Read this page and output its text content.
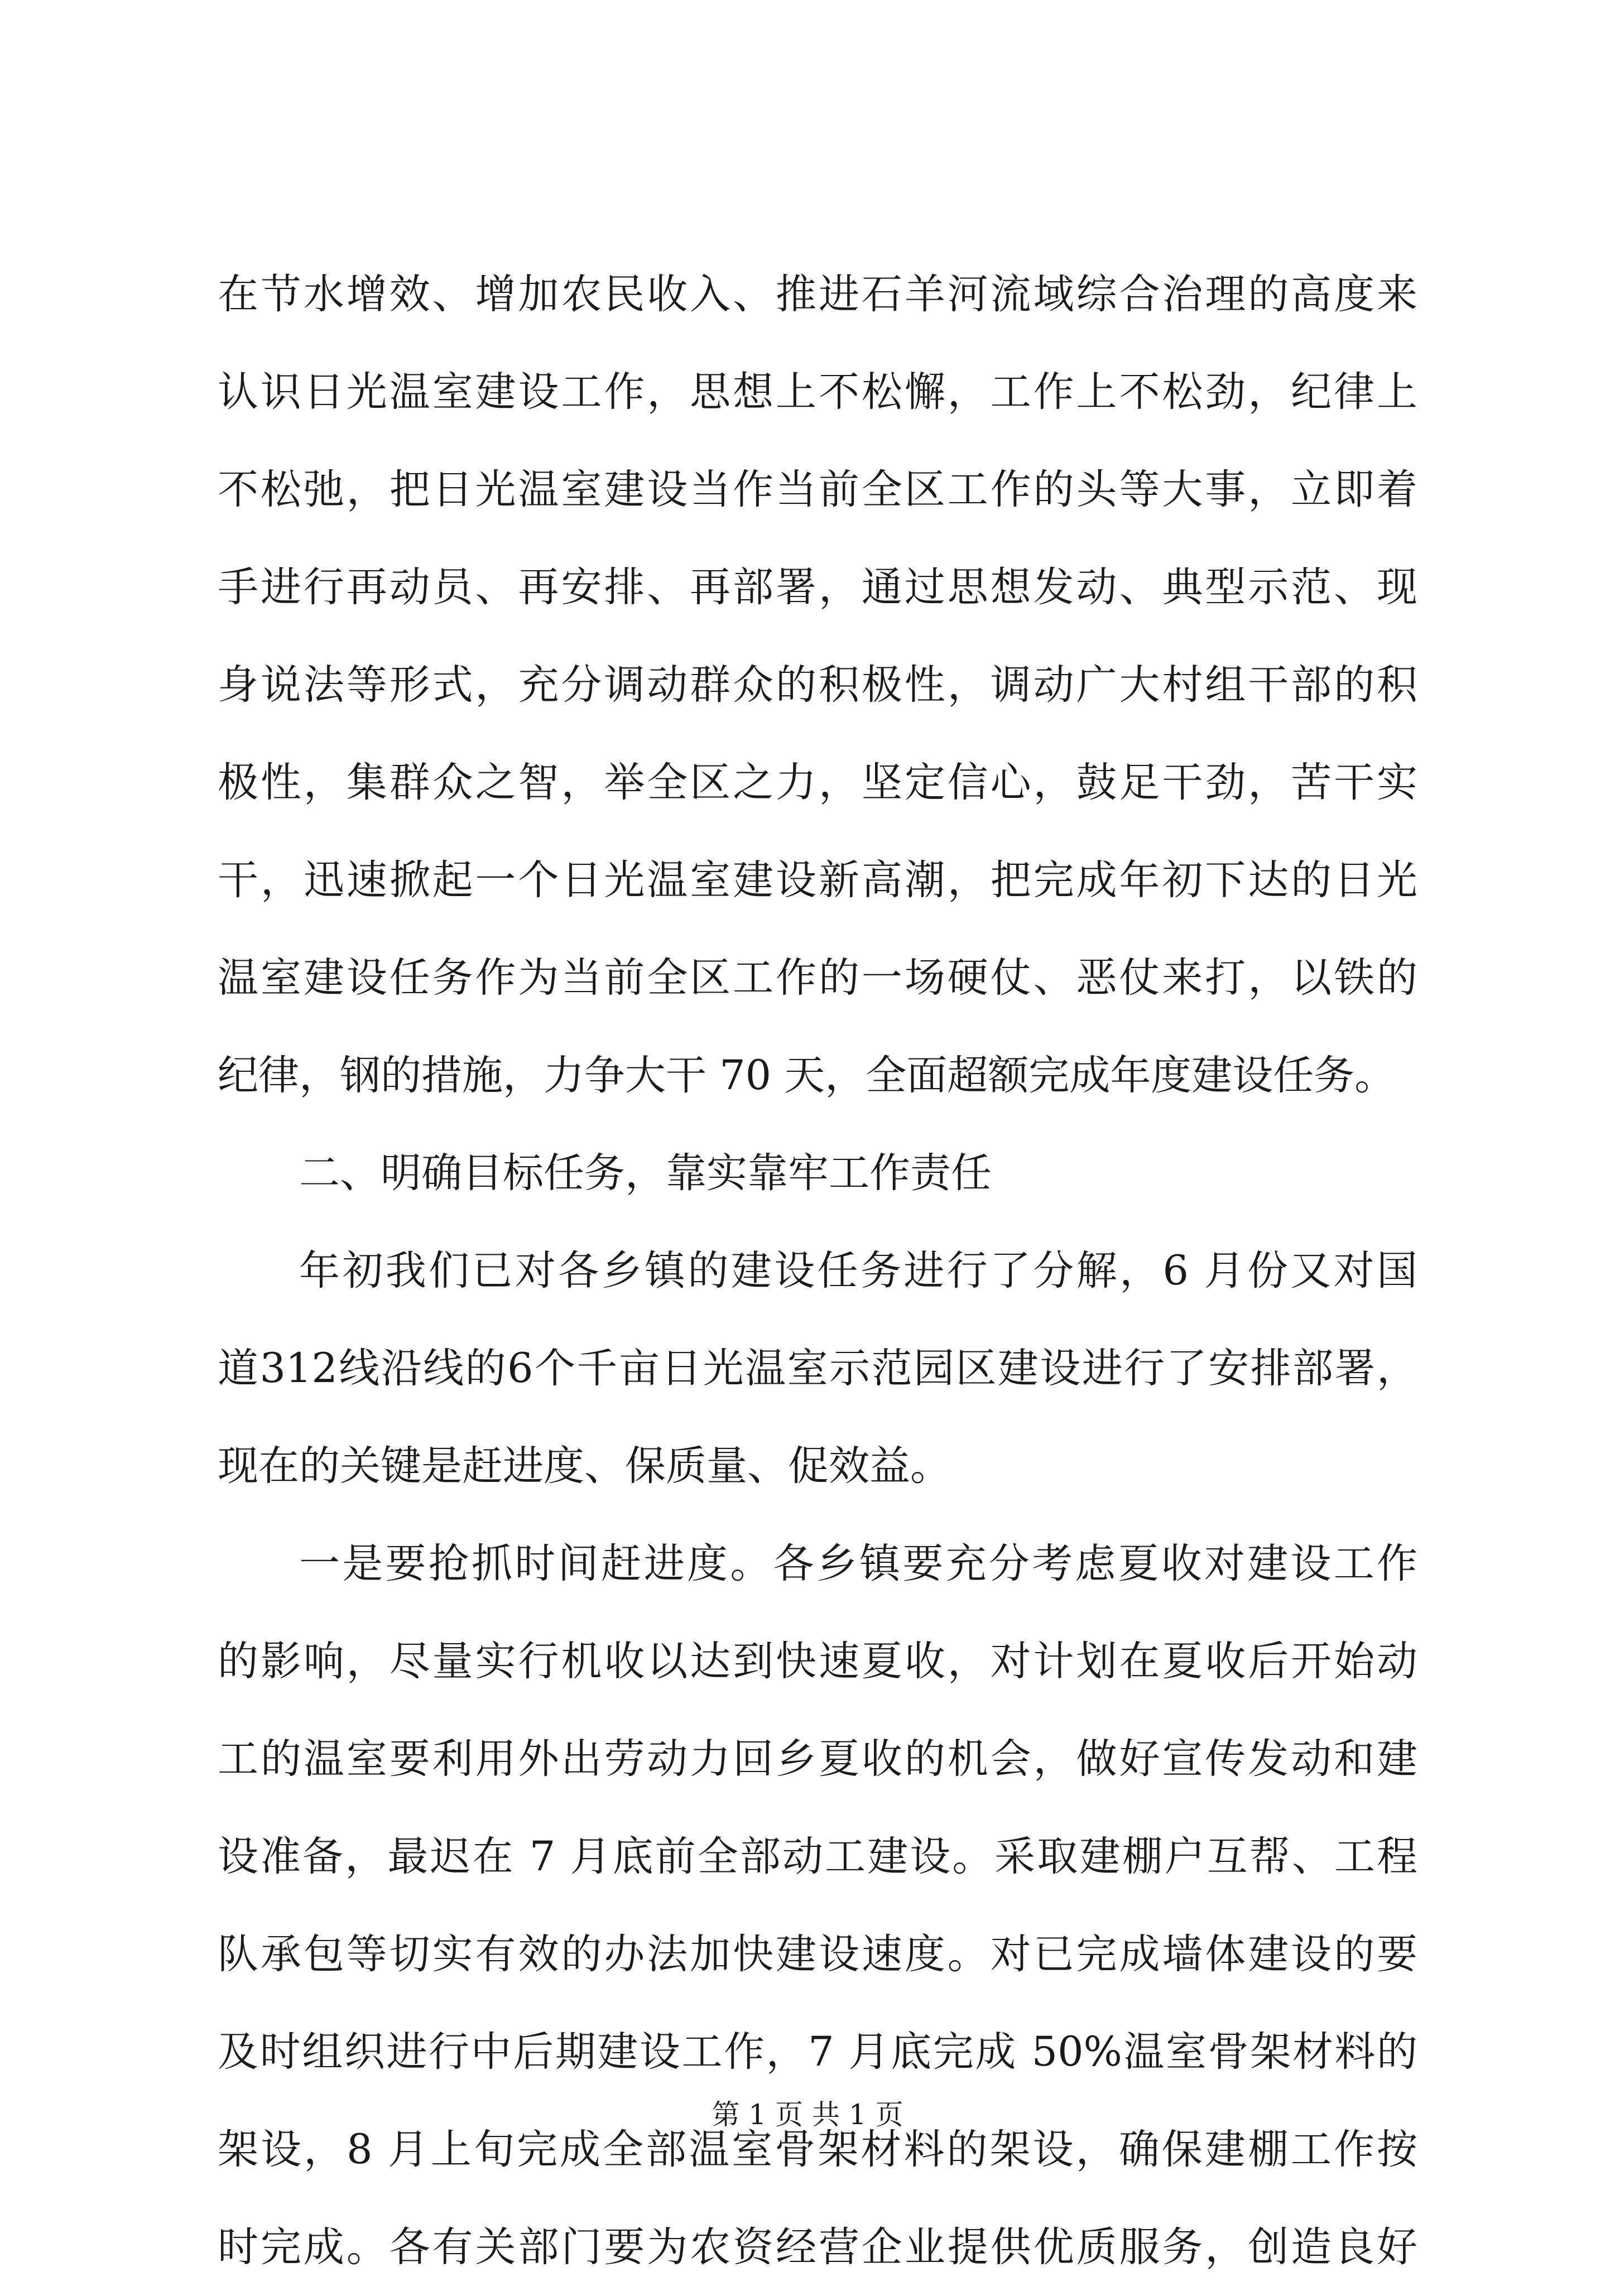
在节水增效、增加农民收入、推进石羊河流域综合治理的高度来
认识日光温室建设工作，思想上不松懈，工作上不松劲，纪律上
不松弛，把日光温室建设当作当前全区工作的头等大事，立即着
手进行再动员、再安排、再部署，通过思想发动、典型示范、现
身说法等形式，充分调动群众的积极性，调动广大村组干部的积
极性，集群众之智，举全区之力，坚定信心，鼓足干劲，苦干实
干，迅速掀起一个日光温室建设新高潮，把完成年初下达的日光
温室建设任务作为当前全区工作的一场硬仗、恶仗来打，以铁的
纪律，钢的措施，力争大干 70 天，全面超额完成年度建设任务。
二、明确目标任务，靠实靠牢工作责任
年初我们已对各乡镇的建设任务进行了分解，6 月份又对国
道312线沿线的6个千亩日光温室示范园区建设进行了安排部署，
现在的关键是赶进度、保质量、促效益。
一是要抢抓时间赶进度。各乡镇要充分考虑夏收对建设工作
的影响，尽量实行机收以达到快速夏收，对计划在夏收后开始动
工的温室要利用外出劳动力回乡夏收的机会，做好宣传发动和建
设准备，最迟在 7 月底前全部动工建设。采取建棚户互帮、工程
队承包等切实有效的办法加快建设速度。对已完成墙体建设的要
及时组织进行中后期建设工作，7 月底完成 50%温室骨架材料的
架设，8 月上旬完成全部温室骨架材料的架设，确保建棚工作按
时完成。各有关部门要为农资经营企业提供优质服务，创造良好
第 1 页 共 1 页
